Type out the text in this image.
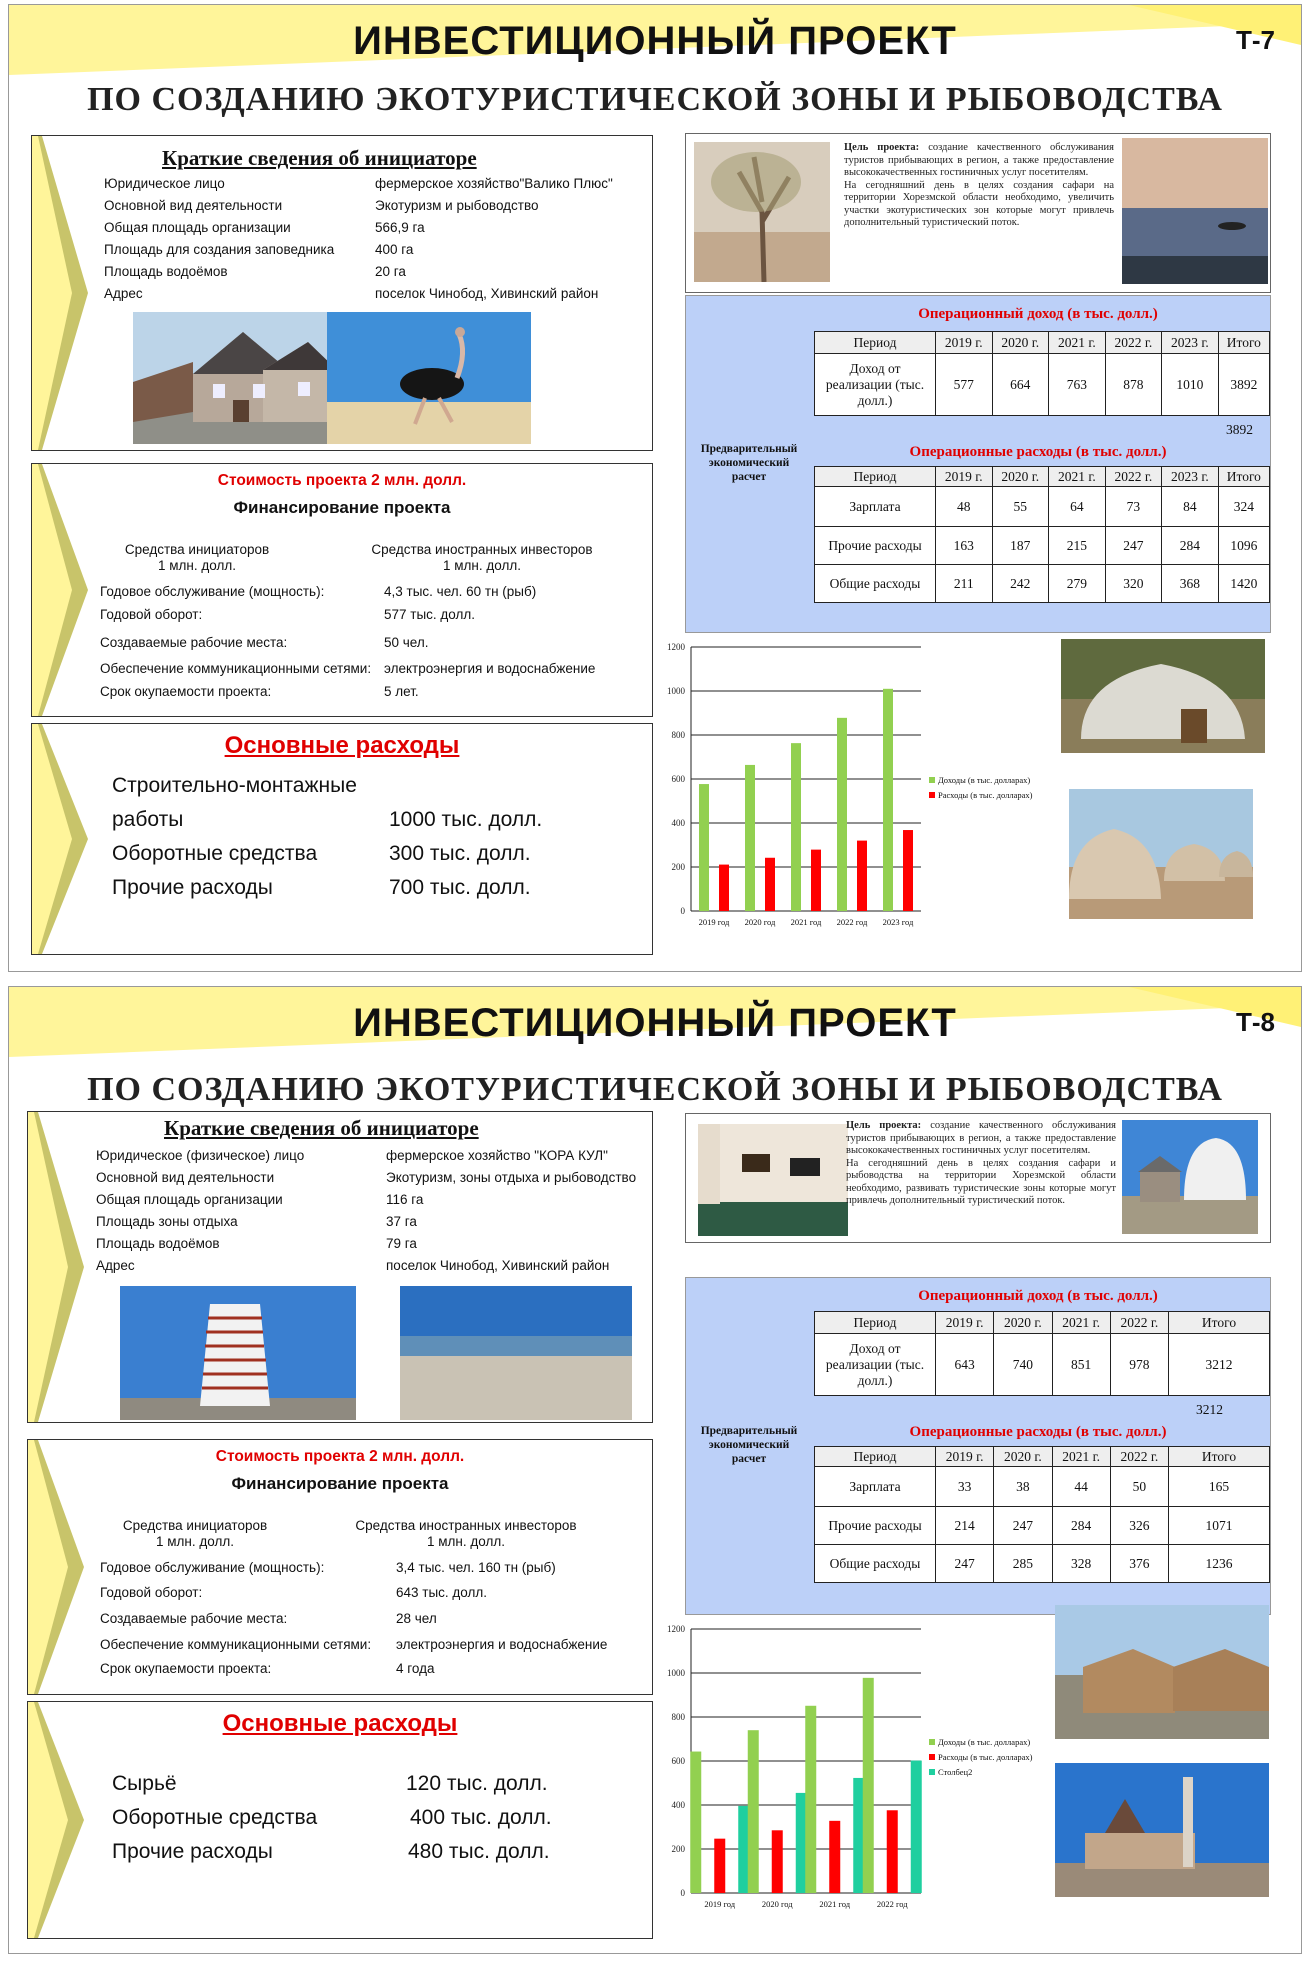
ИНВЕСТИЦИОННЫЙ ПРОЕКТ	Т-7
ПО СОЗДАНИЮ ЭКОТУРИСТИЧЕСКОЙ ЗОНЫ И РЫБОВОДСТВА
Краткие сведения об инициаторе
Юридическое лицо	фермерское хозяйство"Валико Плюс"
Основной вид деятельности	Экотуризм и рыбоводство
Общая площадь организации	566,9 га
Площадь для создания заповедника	400 га
Площадь водоёмов	20 га
Адрес	поселок Чинобод, Хивинский район
Стоимость проекта 2 млн. долл.
Финансирование проекта
Средства инициаторов
1 млн. долл.
Средства иностранных инвесторов
1 млн. долл.
Годовое обслуживание (мощность):	4,3 тыс. чел. 60 тн (рыб)
Годовой оборот:	577 тыс. долл.
Создаваемые рабочие места:	50 чел.
Обеспечение коммуникационными сетями: электроэнергия и водоснабжение
Срок окупаемости проекта:	5 лет.
Основные расходы
Строительно-монтажные
работы	1000 тыс. долл.
Оборотные средства	300 тыс. долл.
Прочие расходы	700 тыс. долл.
Цель проекта: создание качественного обслуживания туристов прибывающих в регион, а также предоставление высококачественных гостиничных услуг посетителям.
На сегодняшний день в целях создания сафари на территории Хорезмской области необходимо, увеличить участки экотуристических зон которые могут привлечь дополнительный туристический поток.
Предварительный экономический расчет
Операционный доход (в тыс. долл.)
Период	2019 г.	2020 г.	2021 г.	2022 г.	2023 г.	Итого
Доход от реализации (тыс. долл.)	577	664	763	878	1010	3892
3892
Операционные расходы (в тыс. долл.)
Период	2019 г.	2020 г.	2021 г.	2022 г.	2023 г.	Итого
Зарплата	48	55	64	73	84	324
Прочие расходы	163	187	215	247	284	1096
Общие расходы	211	242	279	320	368	1420
0
200
400
600
800
1000
1200
2019 год 2020 год 2021 год 2022 год 2023 год
Доходы (в тыс. долларах)
Расходы (в тыс. долларах)
ИНВЕСТИЦИОННЫЙ ПРОЕКТ	Т-8
ПО СОЗДАНИЮ ЭКОТУРИСТИЧЕСКОЙ ЗОНЫ И РЫБОВОДСТВА
Краткие сведения об инициаторе
Юридическое (физическое) лицо	фермерское хозяйство "КОРА КУЛ"
Основной вид деятельности	Экотуризм, зоны отдыха и рыбоводство
Общая площадь организации	116 га
Площадь зоны отдыха	37 га
Площадь водоёмов	79 га
Адрес	поселок Чинобод, Хивинский район
Стоимость проекта 2 млн. долл.
Финансирование проекта
Средства инициаторов
1 млн. долл.
Средства иностранных инвесторов
1 млн. долл.
Годовое обслуживание (мощность):	3,4 тыс. чел. 160 тн (рыб)
Годовой оборот:	643 тыс. долл.
Создаваемые рабочие места:	28 чел
Обеспечение коммуникационными сетями: электроэнергия и водоснабжение
Срок окупаемости проекта:	4 года
Основные расходы
Сырьё	120 тыс. долл.
Оборотные средства	400 тыс. долл.
Прочие расходы	480 тыс. долл.
Цель проекта: создание качественного обслуживания туристов прибывающих в регион, а также предоставление высококачественных гостиничных услуг посетителям.
На сегодняшний день в целях создания сафари и рыбоводства на территории Хорезмской области необходимо, развивать туристические зоны которые могут привлечь дополнительный туристический поток.
Предварительный экономический расчет
Операционный доход (в тыс. долл.)
Период	2019 г.	2020 г.	2021 г.	2022 г.	Итого
Доход от реализации (тыс. долл.)	643	740	851	978	3212
3212
Операционные расходы (в тыс. долл.)
Период	2019 г.	2020 г.	2021 г.	2022 г.	Итого
Зарплата	33	38	44	50	165
Прочие расходы	214	247	284	326	1071
Общие расходы	247	285	328	376	1236
0
200
400
600
800
1000
1200
2019 год	2020 год	2021 год	2022 год
Доходы (в тыс. долларах)
Расходы (в тыс. долларах)
Столбец2
